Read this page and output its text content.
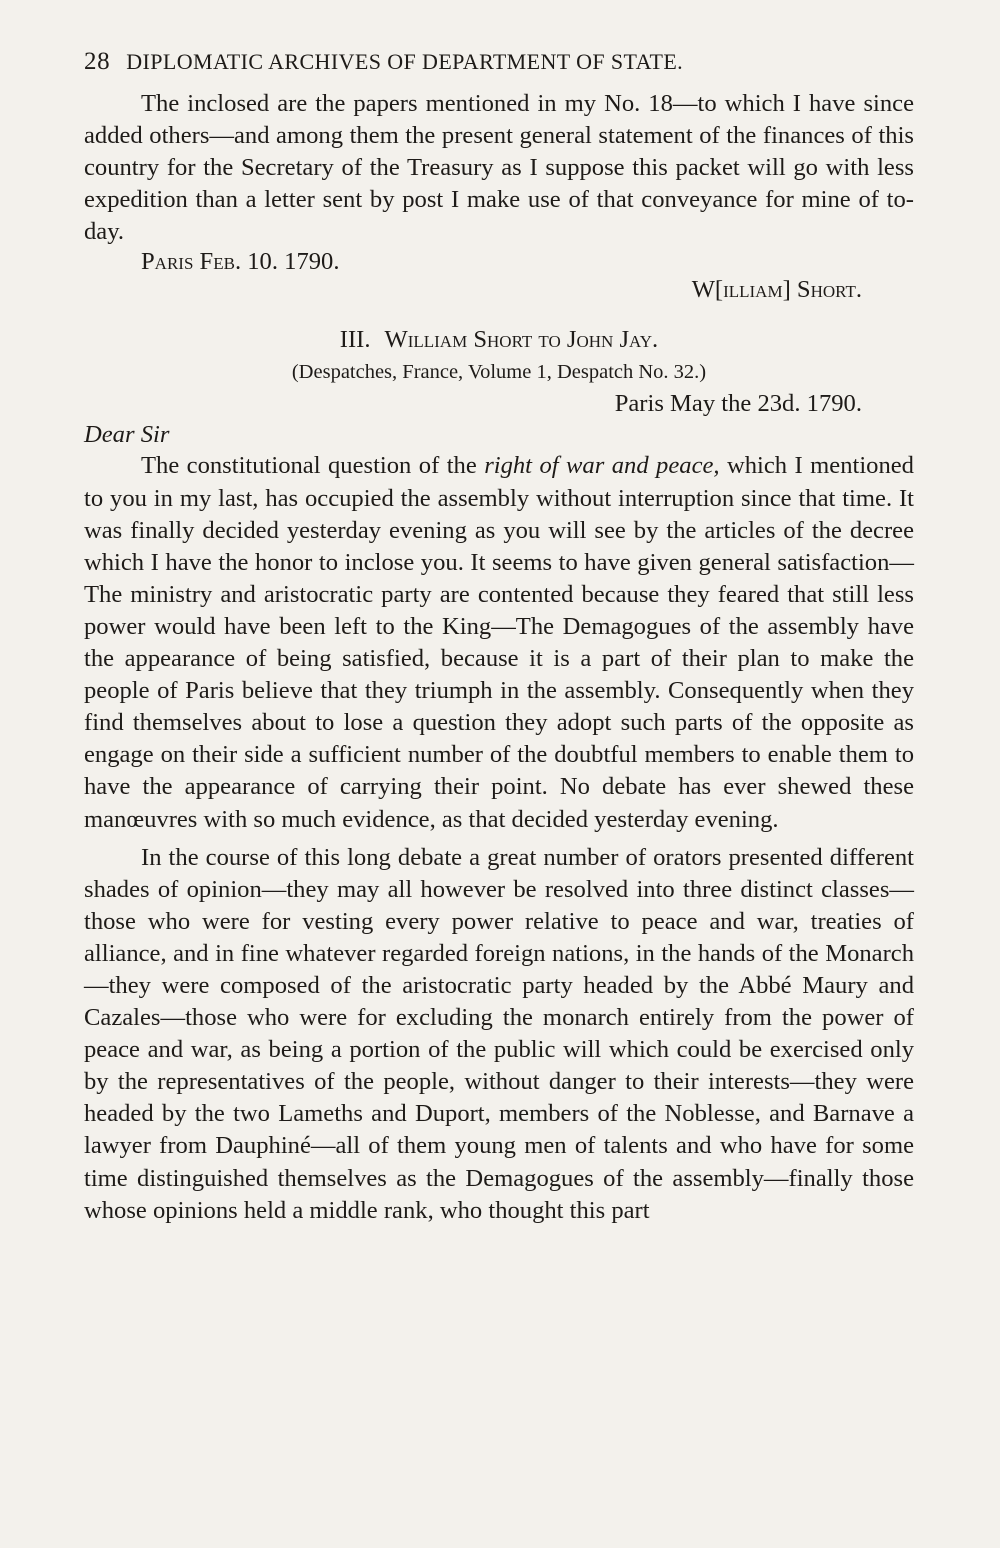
28 DIPLOMATIC ARCHIVES OF DEPARTMENT OF STATE.

The inclosed are the papers mentioned in my No. 18—to which I have since added others—and among them the present general statement of the finances of this country for the Secretary of the Treasury as I suppose this packet will go with less expedition than a letter sent by post I make use of that conveyance for mine of to-day.

Paris Feb. 10. 1790.
W[illiam] Short.
III. William Short to John Jay.
(Despatches, France, Volume 1, Despatch No. 32.)
Paris May the 23d. 1790.
Dear Sir

The constitutional question of the right of war and peace, which I mentioned to you in my last, has occupied the assembly without interruption since that time. It was finally decided yesterday evening as you will see by the articles of the decree which I have the honor to inclose you. It seems to have given general satisfaction—The ministry and aristocratic party are contented because they feared that still less power would have been left to the King—The Demagogues of the assembly have the appearance of being satisfied, because it is a part of their plan to make the people of Paris believe that they triumph in the assembly. Consequently when they find themselves about to lose a question they adopt such parts of the opposite as engage on their side a sufficient number of the doubtful members to enable them to have the appearance of carrying their point. No debate has ever shewed these manœuvres with so much evidence, as that decided yesterday evening.

In the course of this long debate a great number of orators presented different shades of opinion—they may all however be resolved into three distinct classes—those who were for vesting every power relative to peace and war, treaties of alliance, and in fine whatever regarded foreign nations, in the hands of the Monarch—they were composed of the aristocratic party headed by the Abbé Maury and Cazales—those who were for excluding the monarch entirely from the power of peace and war, as being a portion of the public will which could be exercised only by the representatives of the people, without danger to their interests—they were headed by the two Lameths and Duport, members of the Noblesse, and Barnave a lawyer from Dauphiné—all of them young men of talents and who have for some time distinguished themselves as the Demagogues of the assembly—finally those whose opinions held a middle rank, who thought this part
